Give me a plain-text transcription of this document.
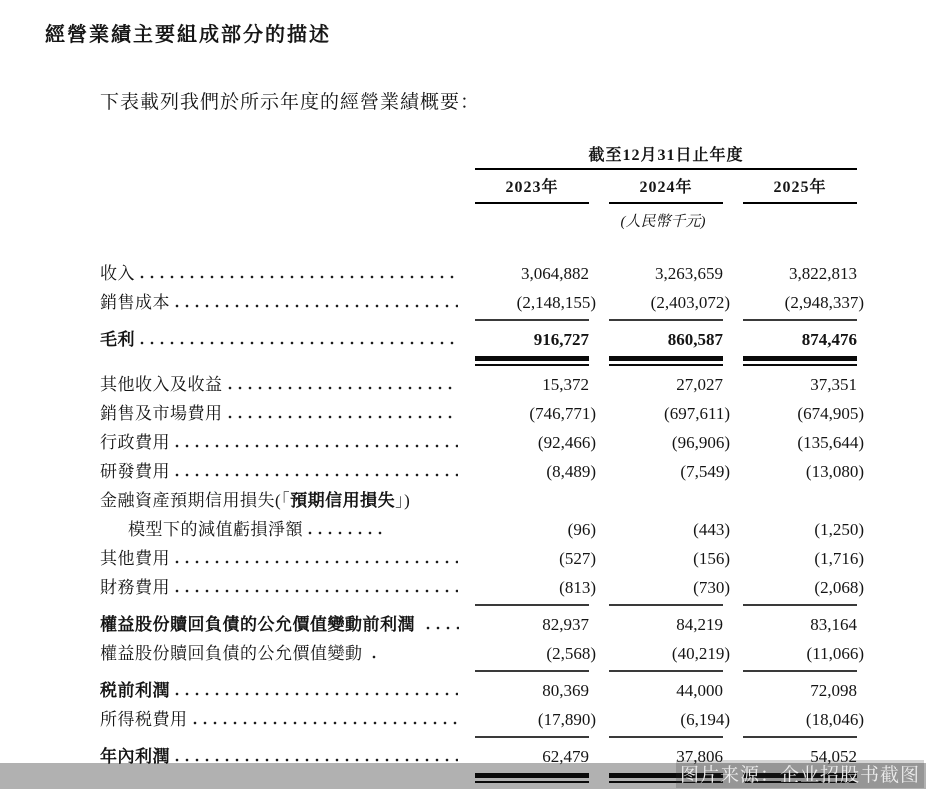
經營業績主要組成部分的描述
下表載列我們於所示年度的經營業績概要：
截至12月31日止年度
2023年	2024年	2025年
(人民幣千元)
收入	3,064,882	3,263,659	3,822,813
銷售成本	(2,148,155)	(2,403,072)	(2,948,337)
毛利	916,727	860,587	874,476
其他收入及收益	15,372	27,027	37,351
銷售及市場費用	(746,771)	(697,611)	(674,905)
行政費用	(92,466)	(96,906)	(135,644)
研發費用	(8,489)	(7,549)	(13,080)
金融資產預期信用損失(「預期信用損失」)
模型下的減值虧損淨額	(96)	(443)	(1,250)
其他費用	(527)	(156)	(1,716)
財務費用	(813)	(730)	(2,068)
權益股份贖回負債的公允價值變動前利潤	82,937	84,219	83,164
權益股份贖回負債的公允價值變動	(2,568)	(40,219)	(11,066)
税前利潤	80,369	44,000	72,098
所得税費用	(17,890)	(6,194)	(18,046)
年內利潤	62,479	37,806	54,052
图片来源：企业招股书截图
